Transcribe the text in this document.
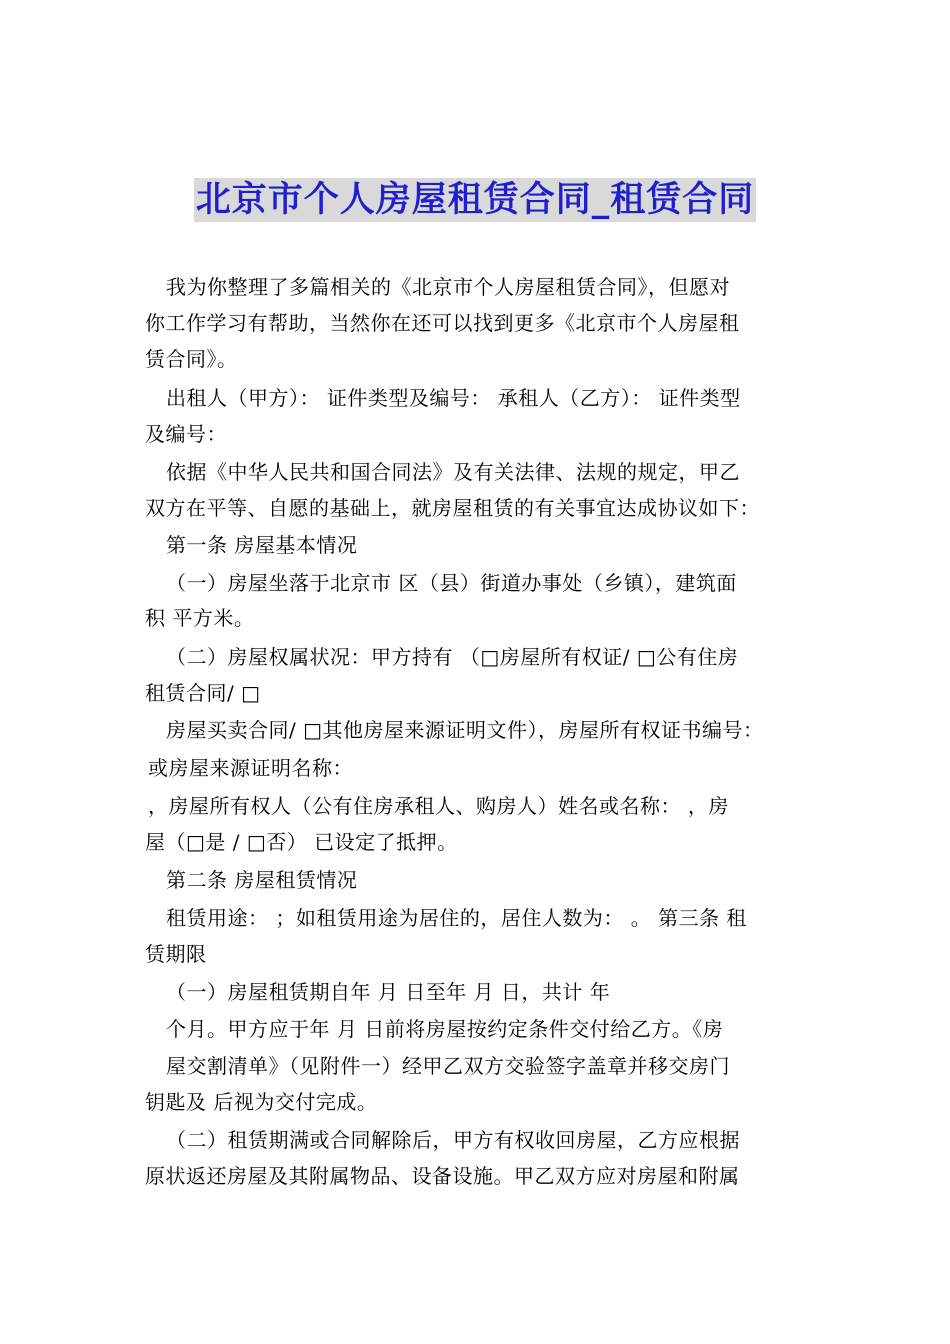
北京市个人房屋租赁合同_租赁合同
我为你整理了多篇相关的《北京市个人房屋租赁合同》，但愿对
你工作学习有帮助，当然你在还可以找到更多《北京市个人房屋租
赁合同》。
出租人（甲方）： 证件类型及编号： 承租人（乙方）： 证件类型
及编号：
依据《中华人民共和国合同法》及有关法律、法规的规定，甲乙
双方在平等、自愿的基础上，就房屋租赁的有关事宜达成协议如下：
第一条 房屋基本情况
（一）房屋坐落于北京市 区（县）街道办事处（乡镇），建筑面
积 平方米。
（二）房屋权属状况：甲方持有 （□房屋所有权证/ □公有住房
租赁合同/ □
房屋买卖合同/ □其他房屋来源证明文件），房屋所有权证书编号：
或房屋来源证明名称：
，房屋所有权人（公有住房承租人、购房人）姓名或名称： ，房
屋（□是 / □否） 已设定了抵押。
第二条 房屋租赁情况
租赁用途： ；如租赁用途为居住的，居住人数为： 。 第三条 租
赁期限
（一）房屋租赁期自年 月 日至年 月 日，共计 年
个月。甲方应于年 月 日前将房屋按约定条件交付给乙方。《房
屋交割清单》（见附件一）经甲乙双方交验签字盖章并移交房门
钥匙及 后视为交付完成。
（二）租赁期满或合同解除后，甲方有权收回房屋，乙方应根据
原状返还房屋及其附属物品、设备设施。甲乙双方应对房屋和附属
